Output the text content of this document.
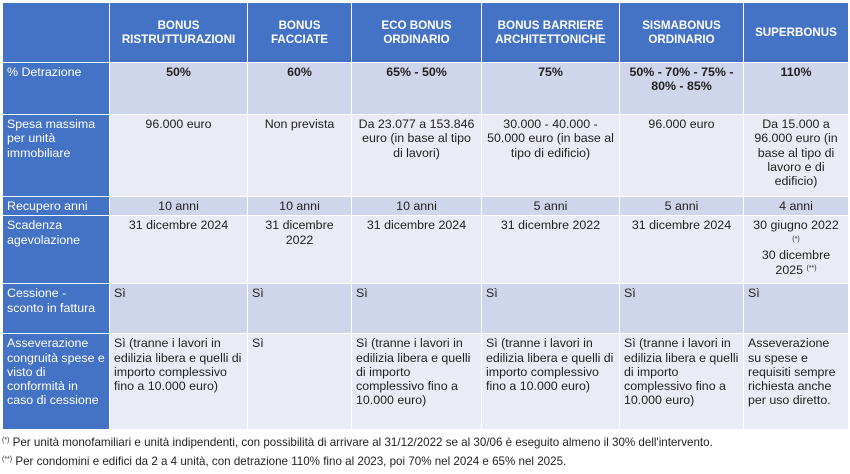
	BONUS RISTRUTTURAZIONI	BONUS FACCIATE	ECO BONUS ORDINARIO	BONUS BARRIERE ARCHITETTONICHE	SISMABONUS ORDINARIO	SUPERBONUS
% Detrazione	50%	60%	65% - 50%	75%	50% - 70% - 75% - 80% - 85%	110%
Spesa massima per unità immobiliare	96.000 euro	Non prevista	Da 23.077 a 153.846 euro (in base al tipo di lavori)	30.000 - 40.000 - 50.000 euro (in base al tipo di edificio)	96.000 euro	Da 15.000 a 96.000 euro (in base al tipo di lavoro e di edificio)
Recupero anni	10 anni	10 anni	10 anni	5 anni	5 anni	4 anni
Scadenza agevolazione	31 dicembre 2024	31 dicembre 2022	31 dicembre 2024	31 dicembre 2022	31 dicembre 2024	30 giugno 2022 (*)
30 dicembre 2025 (**)

Cessione - sconto in fattura	Sì	Sì	Sì	Sì	Sì	Sì
Asseverazione congruità spese e visto di conformità in caso di cessione	Sì (tranne i lavori in edilizia libera e quelli di importo complessivo fino a 10.000 euro)	Sì	Sì (tranne i lavori in edilizia libera e quelli di importo complessivo fino a 10.000 euro)	Sì (tranne i lavori in edilizia libera e quelli di importo complessivo fino a 10.000 euro)	Sì (tranne i lavori in edilizia libera e quelli di importo complessivo fino a 10.000 euro)	Asseverazione su spese e requisiti sempre richiesta anche per uso diretto.
(*) Per unità monofamiliari e unità indipendenti, con possibilità di arrivare al 31/12/2022 se al 30/06 è eseguito almeno il 30% dell'intervento.
(**) Per condomini e edifici da 2 a 4 unità, con detrazione 110% fino al 2023, poi 70% nel 2024 e 65% nel 2025.
